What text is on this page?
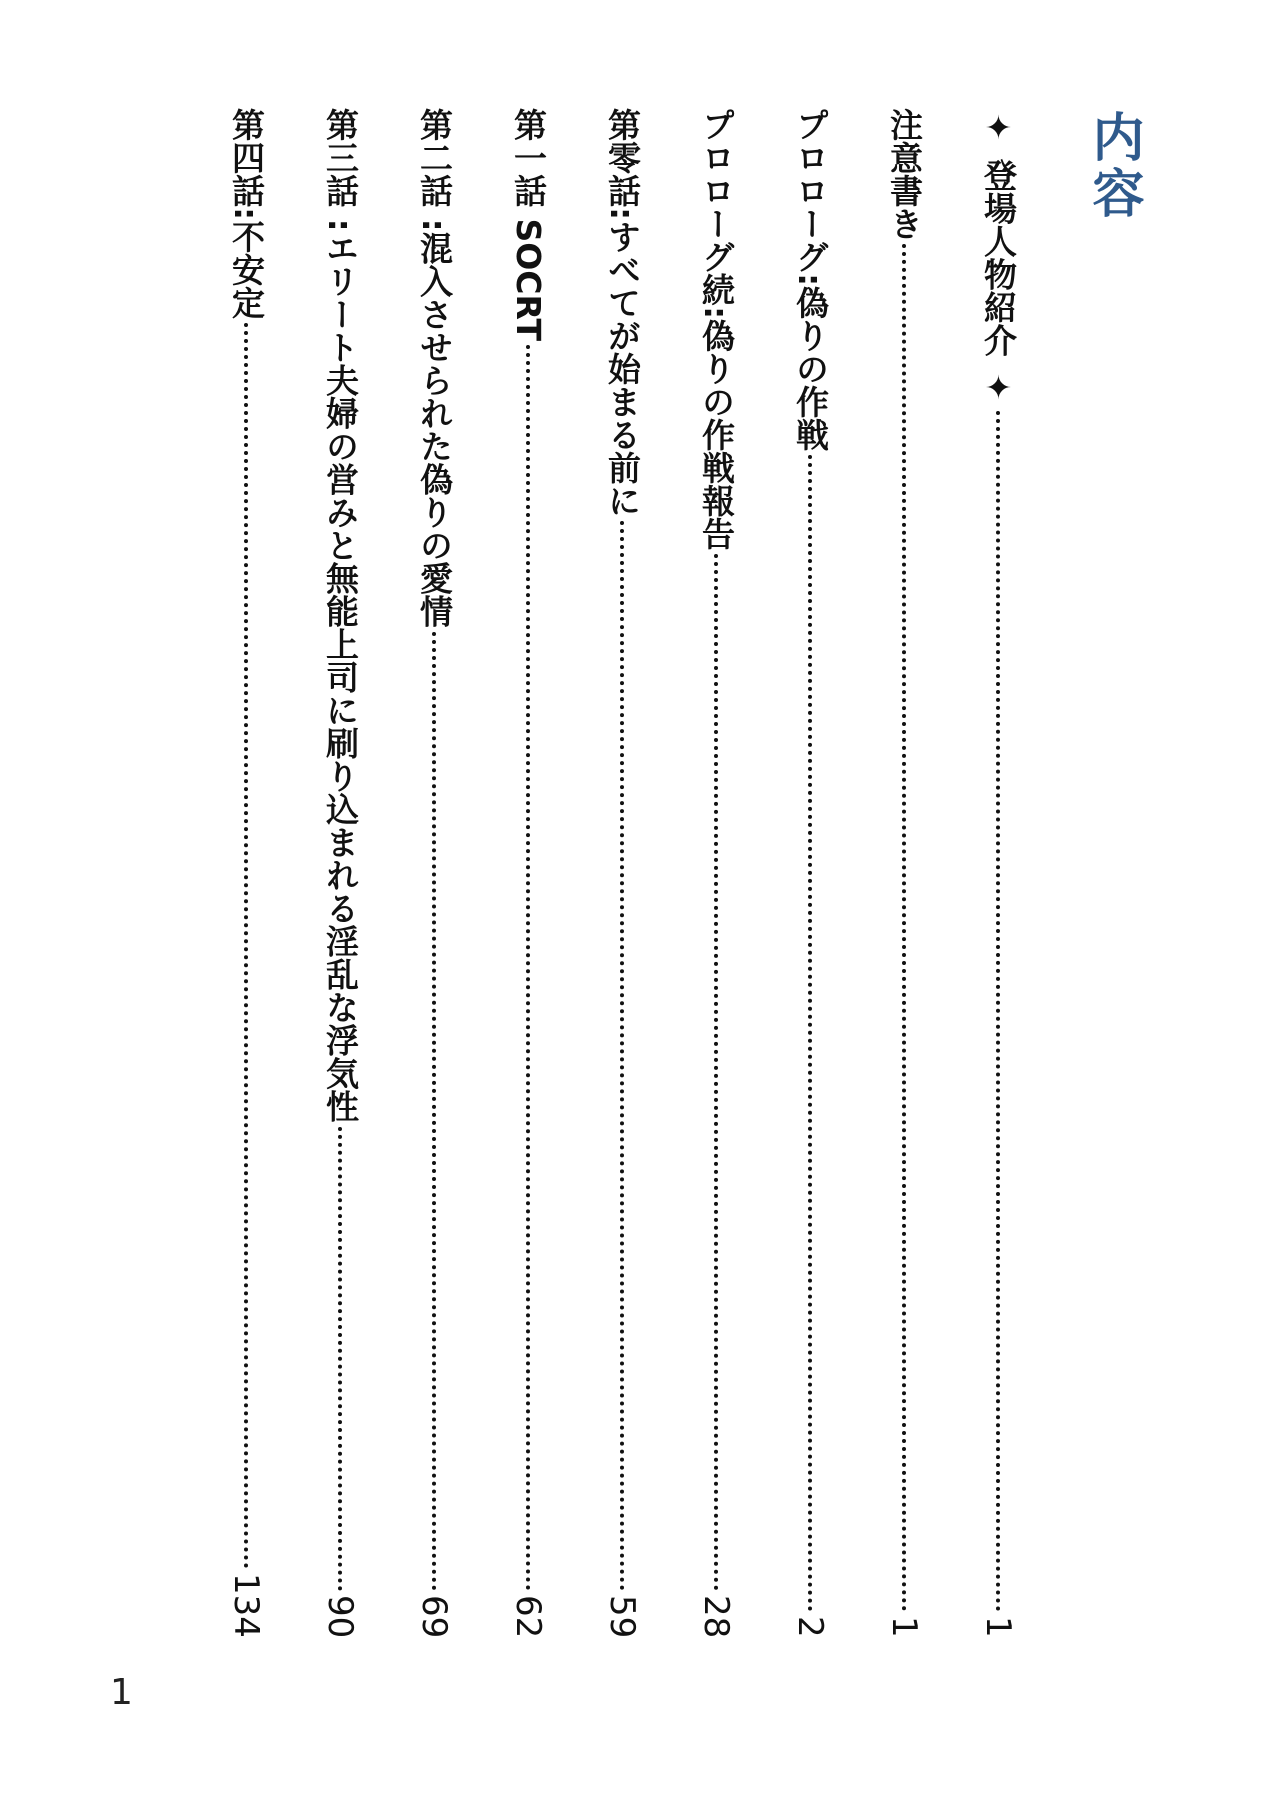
内容
✦ 登場人物紹介 ✦
1
注意書き
1
プロローグ:偽りの作戦
2
プロローグ続:偽りの作戦報告
28
第零話:すべてが始まる前に
59
第一話 SOCRT
62
第二話 :混入させられた偽りの愛情
69
第三話 :エリート夫婦の営みと無能上司に刷り込まれる淫乱な浮気性
90
第四話:不安定
134
1
